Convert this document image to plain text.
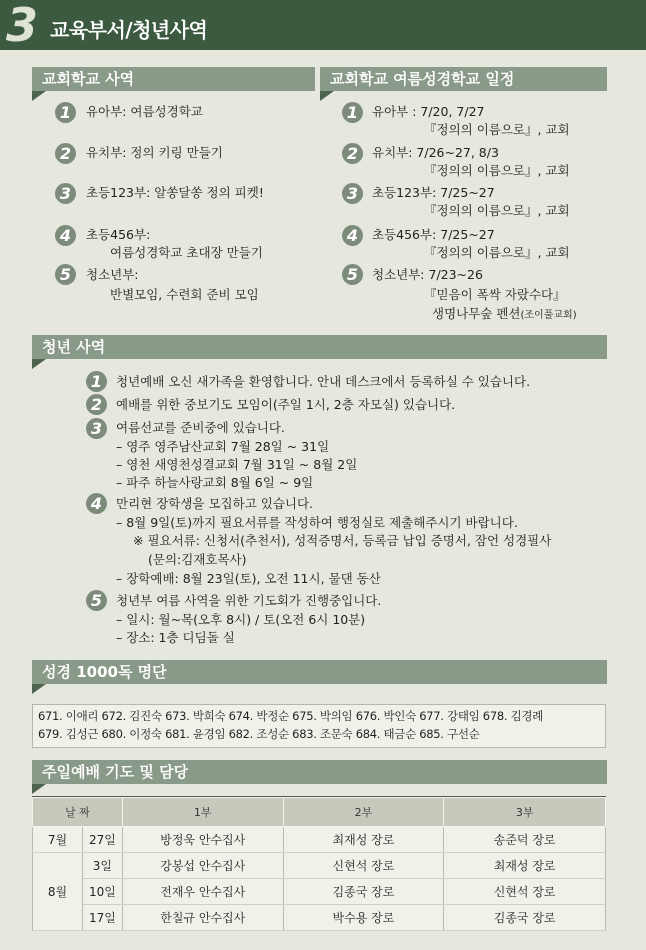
3 교육부서/청년사역
교회학교 사역
1	유아부: 여름성경학교
2	유치부: 정의 키링 만들기
3	초등123부: 알쏭달쏭 정의 피켓!
4	초등456부:
여름성경학교 초대장 만들기
5	청소년부:
반별모임, 수련회 준비 모임
교회학교 여름성경학교 일정
1	유아부 : 7/20, 7/27
『정의의 이름으로』, 교회
2	유치부: 7/26~27, 8/3
『정의의 이름으로』, 교회
3	초등123부: 7/25~27
『정의의 이름으로』, 교회
4	초등456부: 7/25~27
『정의의 이름으로』, 교회
5	청소년부: 7/23~26
『믿음이 폭싹 자랐수다』
생명나무숲 펜션(조이풀교회)
청년 사역
1	청년예배 오신 새가족을 환영합니다. 안내 데스크에서 등록하실 수 있습니다.
2	예배를 위한 중보기도 모임이(주일 1시, 2층 자모실) 있습니다.
3	여름선교를 준비중에 있습니다.
– 영주 영주남산교회 7월 28일 ~ 31일
– 영천 새영천성결교회 7월 31일 ~ 8월 2일
– 파주 하늘사랑교회 8월 6일 ~ 9일
4	만리현 장학생을 모집하고 있습니다.
– 8월 9일(토)까지 필요서류를 작성하여 행정실로 제출해주시기 바랍니다.
※ 필요서류: 신청서(추천서), 성적증명서, 등록금 납입 증명서, 잠언 성경필사
(문의:김재호목사)
– 장학예배: 8월 23일(토), 오전 11시, 물댄 동산
5	청년부 여름 사역을 위한 기도회가 진행중입니다.
– 일시: 월~목(오후 8시) / 토(오전 6시 10분)
– 장소: 1층 디딤돌 실
성경 1000독 명단
671. 이애리 672. 김진숙 673. 박희숙 674. 박정순 675. 박의임 676. 박인숙 677. 강태임 678. 김경례
679. 김성근 680. 이정숙 681. 윤경임 682. 조성순 683. 조문숙 684. 태금순 685. 구선순
주일예배 기도 및 담당
날 짜		1부	2부	3부
7월	27일	방정욱 안수집사	최재성 장로	송준덕 장로
8월	3일	강봉섭 안수집사	신현석 장로	최재성 장로
	10일	전재우 안수집사	김종국 장로	신현석 장로
	17일	한칠규 안수집사	박수용 장로	김종국 장로
